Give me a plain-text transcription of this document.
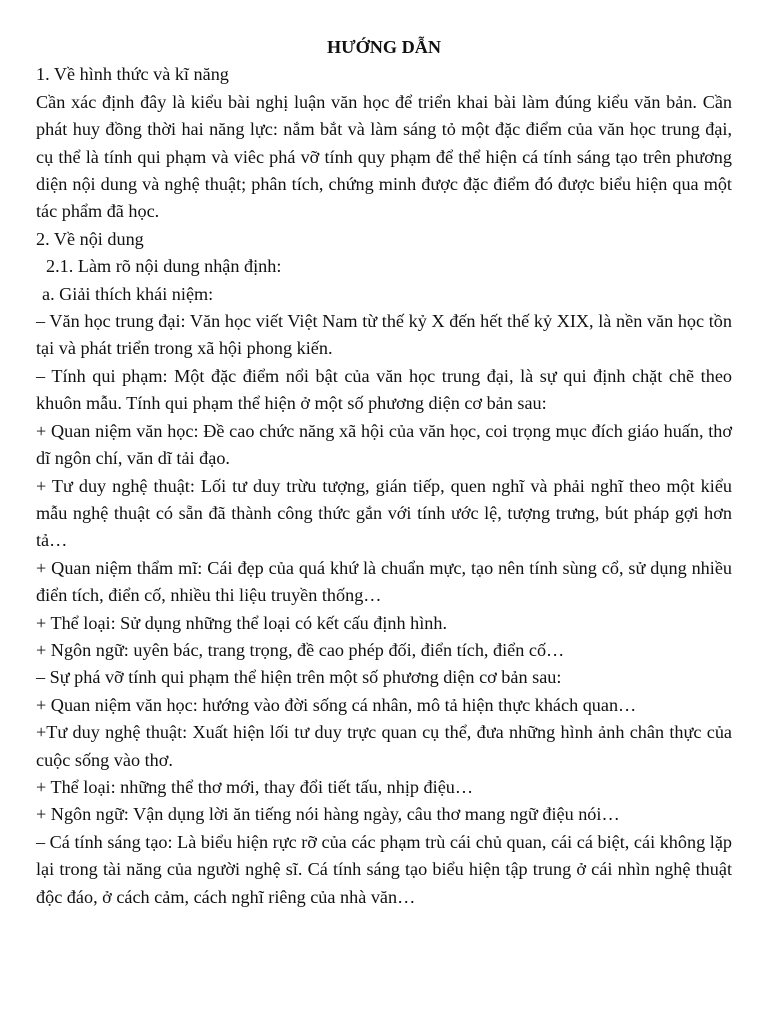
HƯỚNG DẪN

1. Về hình thức và kĩ năng

Cần xác định đây là kiểu bài nghị luận văn học để triển khai bài làm đúng kiểu văn bản. Cần phát huy đồng thời hai năng lực: nắm bắt và làm sáng tỏ một đặc điểm của văn học trung đại, cụ thể là tính qui phạm và viêc phá vỡ tính quy phạm để thể hiện cá tính sáng tạo trên phương diện nội dung và nghệ thuật; phân tích, chứng minh được đặc điểm đó được biểu hiện qua một tác phẩm đã học.

2. Về nội dung

2.1. Làm rõ nội dung nhận định:

a. Giải thích khái niệm:

– Văn học trung đại: Văn học viết Việt Nam từ thế kỷ X đến hết thế kỷ XIX, là nền văn học tồn tại và phát triển trong xã hội phong kiến.

– Tính qui phạm: Một đặc điểm nổi bật của văn học trung đại, là sự qui định chặt chẽ theo khuôn mẫu. Tính qui phạm thể hiện ở một số phương diện cơ bản sau:

+ Quan niệm văn học: Đề cao chức năng xã hội của văn học, coi trọng mục đích giáo huấn, thơ dĩ ngôn chí, văn dĩ tải đạo.

+ Tư duy nghệ thuật: Lối tư duy trừu tượng, gián tiếp, quen nghĩ và phải nghĩ theo một kiểu mẫu nghệ thuật có sẵn đã thành công thức gắn với tính ước lệ, tượng trưng, bút pháp gợi hơn tả…

+ Quan niệm thẩm mĩ: Cái đẹp của quá khứ là chuẩn mực, tạo nên tính sùng cổ, sử dụng nhiều điển tích, điển cố, nhiều thi liệu truyền thống…

+ Thể loại: Sử dụng những thể loại có kết cấu định hình.

+ Ngôn ngữ: uyên bác, trang trọng, đề cao phép đối, điển tích, điển cố…

– Sự phá vỡ tính qui phạm thể hiện trên một số phương diện cơ bản sau:

+ Quan niệm văn học: hướng vào đời sống cá nhân, mô tả hiện thực khách quan…

+Tư duy nghệ thuật: Xuất hiện lối tư duy trực quan cụ thể, đưa những hình ảnh chân thực của cuộc sống vào thơ.

+ Thể loại: những thể thơ mới, thay đổi tiết tấu, nhịp điệu…

+ Ngôn ngữ: Vận dụng lời ăn tiếng nói hàng ngày, câu thơ mang ngữ điệu nói…

– Cá tính sáng tạo: Là biểu hiện rực rỡ của các phạm trù cái chủ quan, cái cá biệt, cái không lặp lại trong tài năng của người nghệ sĩ. Cá tính sáng tạo biểu hiện tập trung ở cái nhìn nghệ thuật độc đáo, ở cách cảm, cách nghĩ riêng của nhà văn…
